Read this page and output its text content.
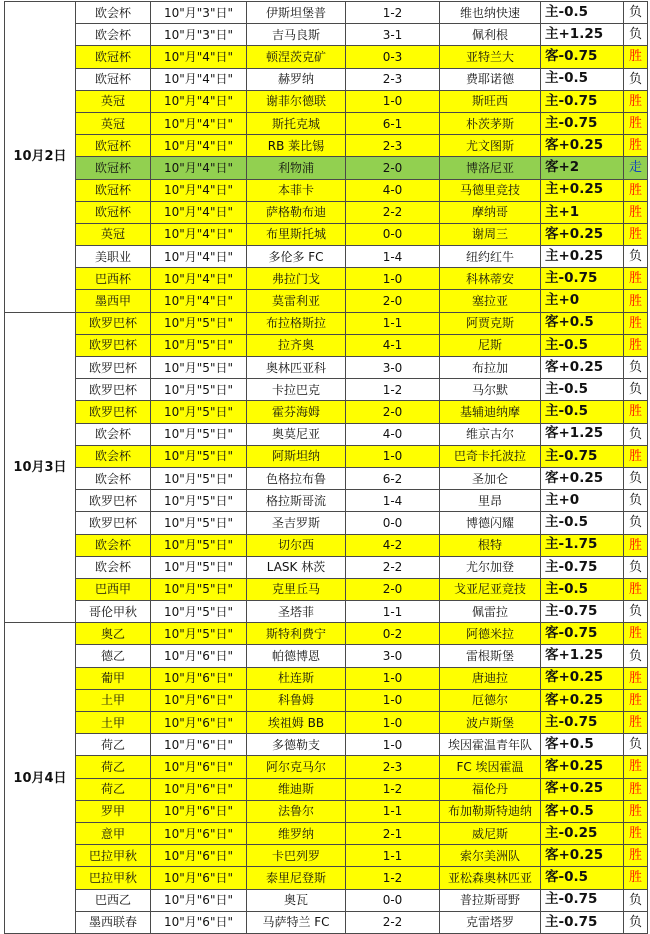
10月2日	欧会杯	10"月"3"日"	伊斯坦堡普	1-2	维也纳快速	主-0.5	负	
	欧会杯	10"月"3"日"	吉马良斯	3-1	佩利根	主+1.25	负	
	欧冠杯	10"月"4"日"	顿涅茨克矿	0-3	亚特兰大	客-0.75	胜	
	欧冠杯	10"月"4"日"	赫罗纳	2-3	费耶诺德	主-0.5	负	
	英冠	10"月"4"日"	谢菲尔德联	1-0	斯旺西	主-0.75	胜	
	英冠	10"月"4"日"	斯托克城	6-1	朴茨茅斯	主-0.75	胜	
	欧冠杯	10"月"4"日"	RB 莱比锡	2-3	尤文图斯	客+0.25	胜	
	欧冠杯	10"月"4"日"	利物浦	2-0	博洛尼亚	客+2	走	
	欧冠杯	10"月"4"日"	本菲卡	4-0	马德里竞技	主+0.25	胜	
	欧冠杯	10"月"4"日"	萨格勒布迪	2-2	摩纳哥	主+1	胜	
	英冠	10"月"4"日"	布里斯托城	0-0	谢周三	客+0.25	胜	
	美职业	10"月"4"日"	多伦多 FC	1-4	纽约红牛	主+0.25	负	
	巴西杯	10"月"4"日"	弗拉门戈	1-0	科林蒂安	主-0.75	胜	
	墨西甲	10"月"4"日"	莫雷利亚	2-0	塞拉亚	主+0	胜	
10月3日	欧罗巴杯	10"月"5"日"	布拉格斯拉	1-1	阿贾克斯	客+0.5	胜	
	欧罗巴杯	10"月"5"日"	拉齐奥	4-1	尼斯	主-0.5	胜	
	欧罗巴杯	10"月"5"日"	奥林匹亚科	3-0	布拉加	客+0.25	负	
	欧罗巴杯	10"月"5"日"	卡拉巴克	1-2	马尔默	主-0.5	负	
	欧罗巴杯	10"月"5"日"	霍芬海姆	2-0	基辅迪纳摩	主-0.5	胜	
	欧会杯	10"月"5"日"	奥莫尼亚	4-0	维京古尔	客+1.25	负	
	欧会杯	10"月"5"日"	阿斯坦纳	1-0	巴奇卡托波拉	主-0.75	胜	
	欧会杯	10"月"5"日"	色格拉布鲁	6-2	圣加仑	客+0.25	负	
	欧罗巴杯	10"月"5"日"	格拉斯哥流	1-4	里昂	主+0	负	
	欧罗巴杯	10"月"5"日"	圣吉罗斯	0-0	博德闪耀	主-0.5	负	
	欧会杯	10"月"5"日"	切尔西	4-2	根特	主-1.75	胜	
	欧会杯	10"月"5"日"	LASK 林茨	2-2	尤尔加登	主-0.75	负	
	巴西甲	10"月"5"日"	克里丘马	2-0	戈亚尼亚竞技	主-0.5	胜	
	哥伦甲秋	10"月"5"日"	圣塔菲	1-1	佩雷拉	主-0.75	负	
10月4日	奥乙	10"月"5"日"	斯特利费宁	0-2	阿德米拉	客-0.75	胜	
	德乙	10"月"6"日"	帕德博恩	3-0	雷根斯堡	客+1.25	负	
	葡甲	10"月"6"日"	杜连斯	1-0	唐迪拉	客+0.25	胜	
	土甲	10"月"6"日"	科鲁姆	1-0	厄德尔	客+0.25	胜	
	土甲	10"月"6"日"	埃祖姆 BB	1-0	波卢斯堡	主-0.75	胜	
	荷乙	10"月"6"日"	多德勒支	1-0	埃因霍温青年队	客+0.5	负	
	荷乙	10"月"6"日"	阿尔克马尔	2-3	FC 埃因霍温	客+0.25	胜	
	荷乙	10"月"6"日"	维迪斯	1-2	福伦丹	客+0.25	胜	
	罗甲	10"月"6"日"	法鲁尔	1-1	布加勒斯特迪纳	客+0.5	胜	
	意甲	10"月"6"日"	维罗纳	2-1	威尼斯	主-0.25	胜	
	巴拉甲秋	10"月"6"日"	卡巴列罗	1-1	索尔美洲队	客+0.25	胜	
	巴拉甲秋	10"月"6"日"	泰里尼登斯	1-2	亚松森奥林匹亚	客-0.5	胜	
	巴西乙	10"月"6"日"	奥瓦	0-0	普拉斯哥野	主-0.75	负	
	墨西联春	10"月"6"日"	马萨特兰 FC	2-2	克雷塔罗	主-0.75	负	
